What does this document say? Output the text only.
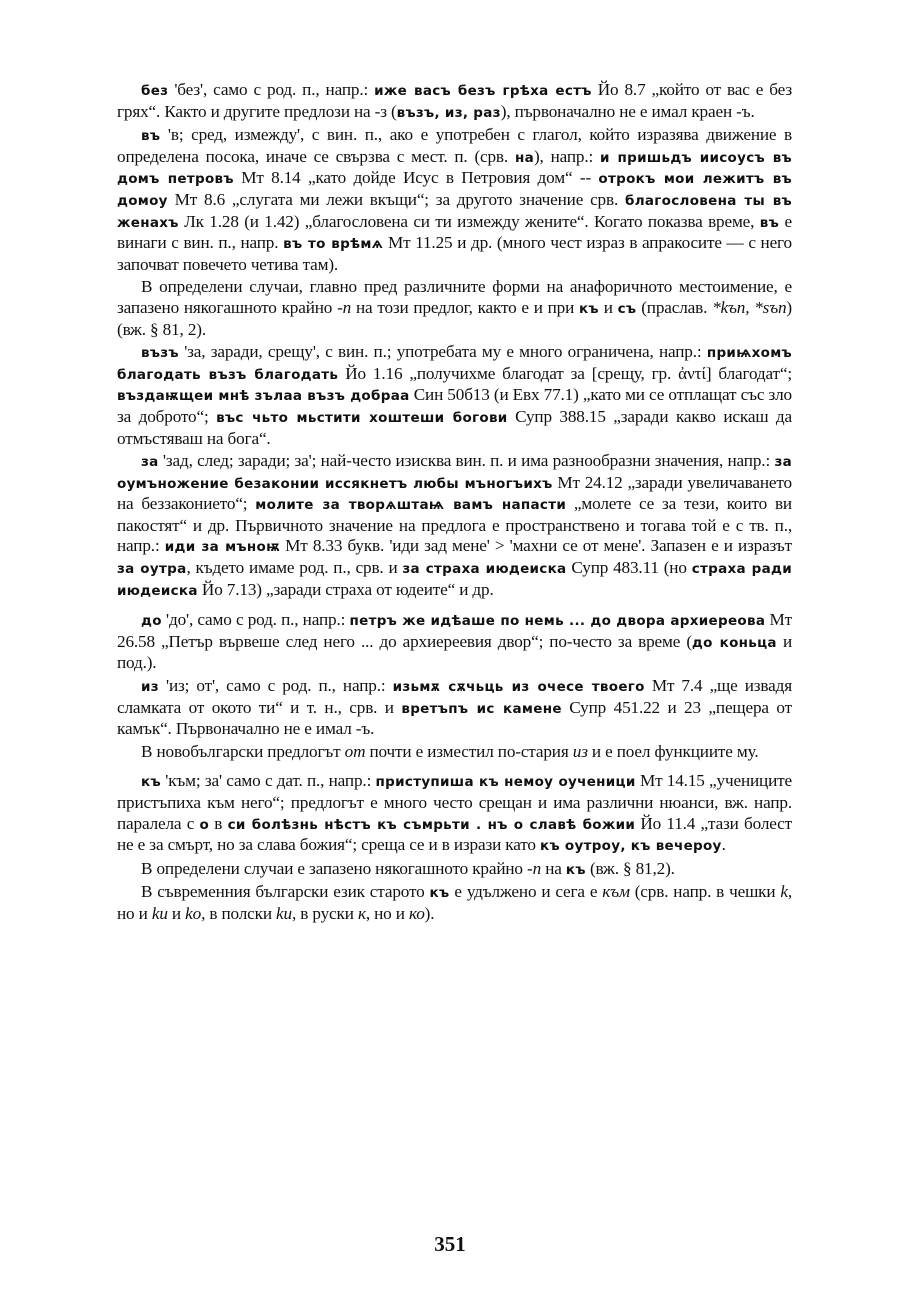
без 'без', само с род. п., напр.: иже васъ безъ грѣха естъ Йо 8.7 „който от вас е без грях“. Както и другите предлози на -з (възъ, из, раз), първоначално не е имал краен -ъ.

въ 'в; сред, измежду', с вин. п., ако е употребен с глагол, който изразява движение в определена посока, иначе се свързва с мест. п. (срв. на), напр.: и пришьдъ иисоусъ въ домъ петровъ Мт 8.14 „като дойде Исус в Петровия дом“ -- отрокъ мои лежитъ въ домоу Мт 8.6 „слугата ми лежи вкъщи“; за другото значение срв. благословена ты въ женахъ Лк 1.28 (и 1.42) „благословена си ти измежду жените“. Когато показва време, въ е винаги с вин. п., напр. въ то врѣмѧ Мт 11.25 и др. (много чест израз в апракосите — с него започват повечето четива там).

В определени случаи, главно пред различните форми на анафоричното местоимение, е запазено някогашното крайно -n на този предлог, както е и при къ и съ (праслав. *kъn, *sъn) (вж. § 81, 2).

възъ 'за, заради, срещу', с вин. п.; употребата му е много ограничена, напр.: приѩхомъ благодать възъ благодать Йо 1.16 „получихме благодат за [срещу, гр. ἀντί] благодат“; въздаѭщеи мнѣ зълаа възъ добраа Син 50б13 (и Евх 77.1) „като ми се отплащат със зло за доброто“; въс чьто мьстити хоштеши богови Супр 388.15 „заради какво искаш да отмъстяваш на бога“.

за 'зад, след; заради; за'; най-често изисква вин. п. и има разнообразни значения, напр.: за оумъножение безаконии иссякнетъ любы мъногъихъ Мт 24.12 „заради увеличаването на беззаконието“; молите за творѧштаѩ вамъ напасти „молете се за тези, които ви пакостят“ и др. Първичното значение на предлога е пространствено и тогава той е с тв. п., напр.: иди за мъноѭ Мт 8.33 букв. 'иди зад мене' > 'махни се от мене'. Запазен е и изразът за оутра, където имаме род. п., срв. и за страха июдеиска Супр 483.11 (но страха ради июдеиска Йо 7.13) „заради страха от юдеите“ и др.

до 'до', само с род. п., напр.: петръ же идѣаше по немь ... до двора архиереова Мт 26.58 „Петър вървеше след него ... до архиерeевия двор“; по-често за време (до коньца и под.).

из 'из; от', само с род. п., напр.: изьмѫ сѫчьць из очесе твоего Мт 7.4 „ще извадя сламката от окото ти“ и т. н., срв. и вретъпъ ис камене Супр 451.22 и 23 „пещера от камък“. Първоначално не е имал -ъ.

В новобългарски предлогът от почти е изместил по-стария из и е поел функциите му.

къ 'към; за' само с дат. п., напр.: приступиша къ немоу оученици Мт 14.15 „учениците пристъпиха към него“; предлогът е много често срещан и има различни нюанси, вж. напр. паралела с о в си болѣзнь нѣстъ къ съмрьти . нъ о славѣ божии Йо 11.4 „тази болест не е за смърт, но за слава божия“; среща се и в изрази като къ оутроу, къ вечероу.

В определени случаи е запазено някогашното крайно -n на къ (вж. § 81,2).

В съвременния български език старото къ е удължено и сега е към (срв. напр. в чешки k, но и ku и ko, в полски ku, в руски к, но и ко).

351
